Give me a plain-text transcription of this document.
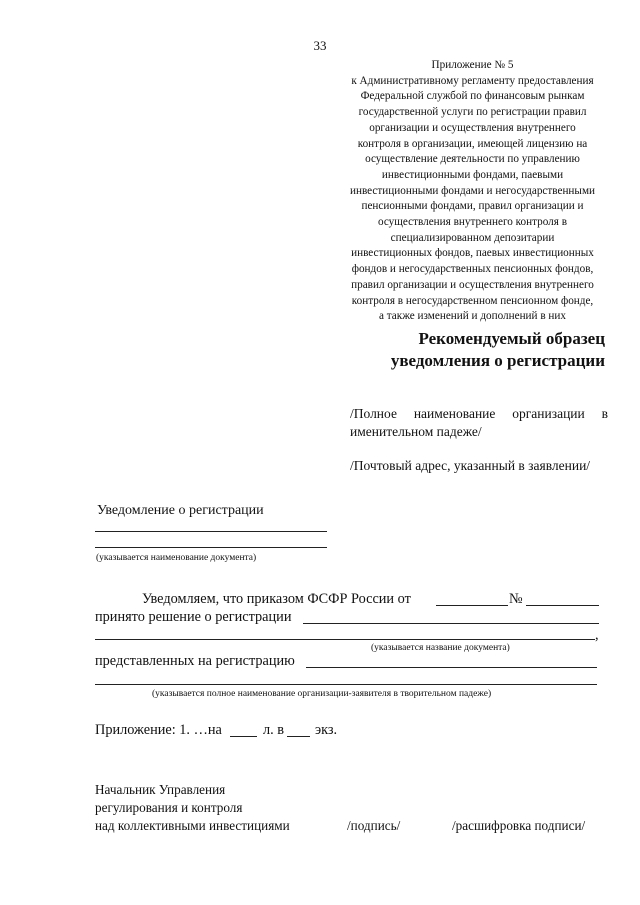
33
Приложение № 5
к Административному регламенту предоставления
Федеральной службой по финансовым рынкам
государственной услуги по регистрации правил
организации и осуществления внутреннего
контроля в организации, имеющей лицензию на
осуществление деятельности по управлению
инвестиционными фондами, паевыми
инвестиционными фондами и негосударственными
пенсионными фондами, правил организации и
осуществления внутреннего контроля в
специализированном депозитарии
инвестиционных фондов, паевых инвестиционных
фондов и негосударственных пенсионных фондов,
правил организации и осуществления внутреннего
контроля в негосударственном пенсионном фонде,
а также изменений и дополнений в них
Рекомендуемый образец
уведомления о регистрации
/Полное наименование организации в именительном падеже/
/Почтовый адрес, указанный в заявлении/
Уведомление о регистрации
(указывается наименование документа)
Уведомляем, что приказом ФСФР России от	№
принято решение о регистрации
,
(указывается название документа)
представленных на регистрацию
(указывается полное наименование организации-заявителя в творительном падеже)
Приложение: 1. …на	л. в экз.
Начальник Управления
регулирования и контроля
над коллективными инвестициями	/подпись/	/расшифровка подписи/
